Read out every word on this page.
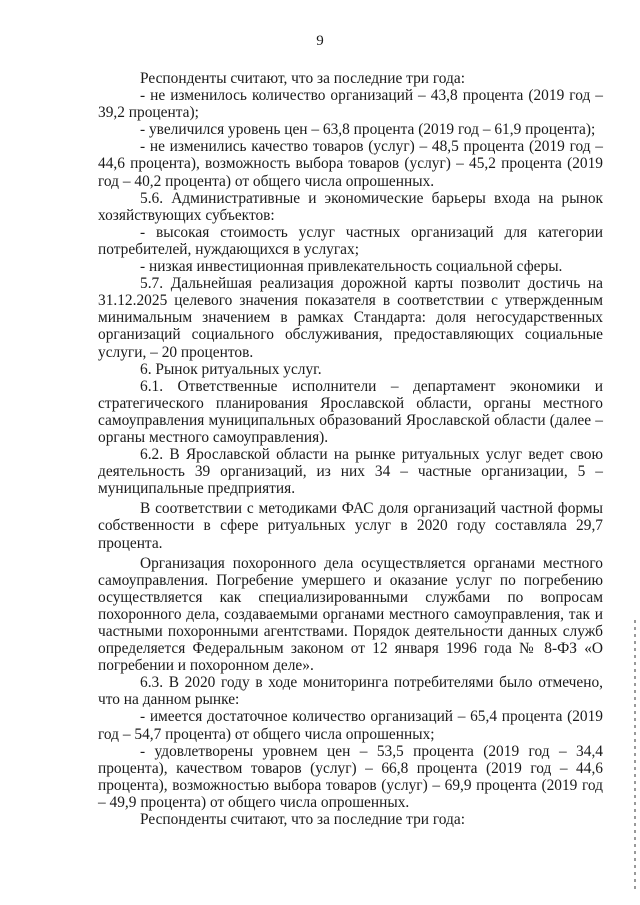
9

Респонденты считают, что за последние три года:

- не изменилось количество организаций – 43,8 процента (2019 год – 39,2 процента);

- увеличился уровень цен – 63,8 процента (2019 год – 61,9 процента);

- не изменились качество товаров (услуг) – 48,5 процента (2019 год – 44,6 процента), возможность выбора товаров (услуг) – 45,2 процента (2019 год – 40,2 процента) от общего числа опрошенных.

5.6. Административные и экономические барьеры входа на рынок хозяйствующих субъектов:

- высокая стоимость услуг частных организаций для категории потребителей, нуждающихся в услугах;

- низкая инвестиционная привлекательность социальной сферы.

5.7. Дальнейшая реализация дорожной карты позволит достичь на 31.12.2025 целевого значения показателя в соответствии с утвержденным минимальным значением в рамках Стандарта: доля негосударственных организаций социального обслуживания, предоставляющих социальные услуги, – 20 процентов.

6. Рынок ритуальных услуг.

6.1. Ответственные исполнители – департамент экономики и стратегического планирования Ярославской области, органы местного самоуправления муниципальных образований Ярославской области (далее – органы местного самоуправления).

6.2. В Ярославской области на рынке ритуальных услуг ведет свою деятельность 39 организаций, из них 34 – частные организации, 5 – муниципальные предприятия.

В соответствии с методиками ФАС доля организаций частной формы собственности в сфере ритуальных услуг в 2020 году составляла 29,7 процента.

Организация похоронного дела осуществляется органами местного самоуправления. Погребение умершего и оказание услуг по погребению осуществляется как специализированными службами по вопросам похоронного дела, создаваемыми органами местного самоуправления, так и частными похоронными агентствами. Порядок деятельности данных служб определяется Федеральным законом от 12 января 1996 года № 8-ФЗ «О погребении и похоронном деле».

6.3. В 2020 году в ходе мониторинга потребителями было отмечено, что на данном рынке:

- имеется достаточное количество организаций – 65,4 процента (2019 год – 54,7 процента) от общего числа опрошенных;

- удовлетворены уровнем цен – 53,5 процента (2019 год – 34,4 процента), качеством товаров (услуг) – 66,8 процента (2019 год – 44,6 процента), возможностью выбора товаров (услуг) – 69,9 процента (2019 год – 49,9 процента) от общего числа опрошенных.

Респонденты считают, что за последние три года:
